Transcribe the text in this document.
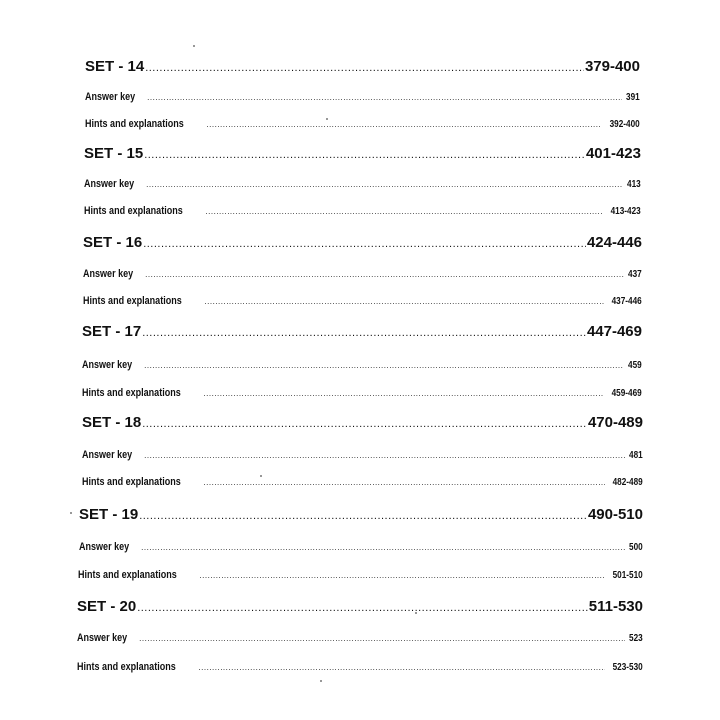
SET - 14 .....	379-400
Answer key .....	391
Hints and explanations .....	392-400
SET - 15 .....	401-423
Answer key .....	413
Hints and explanations .....	413-423
SET - 16 .....	424-446
Answer key .....	437
Hints and explanations .....	437-446
SET - 17 .....	447-469
Answer key .....	459
Hints and explanations .....	459-469
SET - 18 .....	470-489
Answer key .....	481
Hints and explanations .....	482-489
SET - 19 .....	490-510
Answer key .....	500
Hints and explanations .....	501-510
SET - 20 .....	511-530
Answer key .....	523
Hints and explanations .....	523-530
